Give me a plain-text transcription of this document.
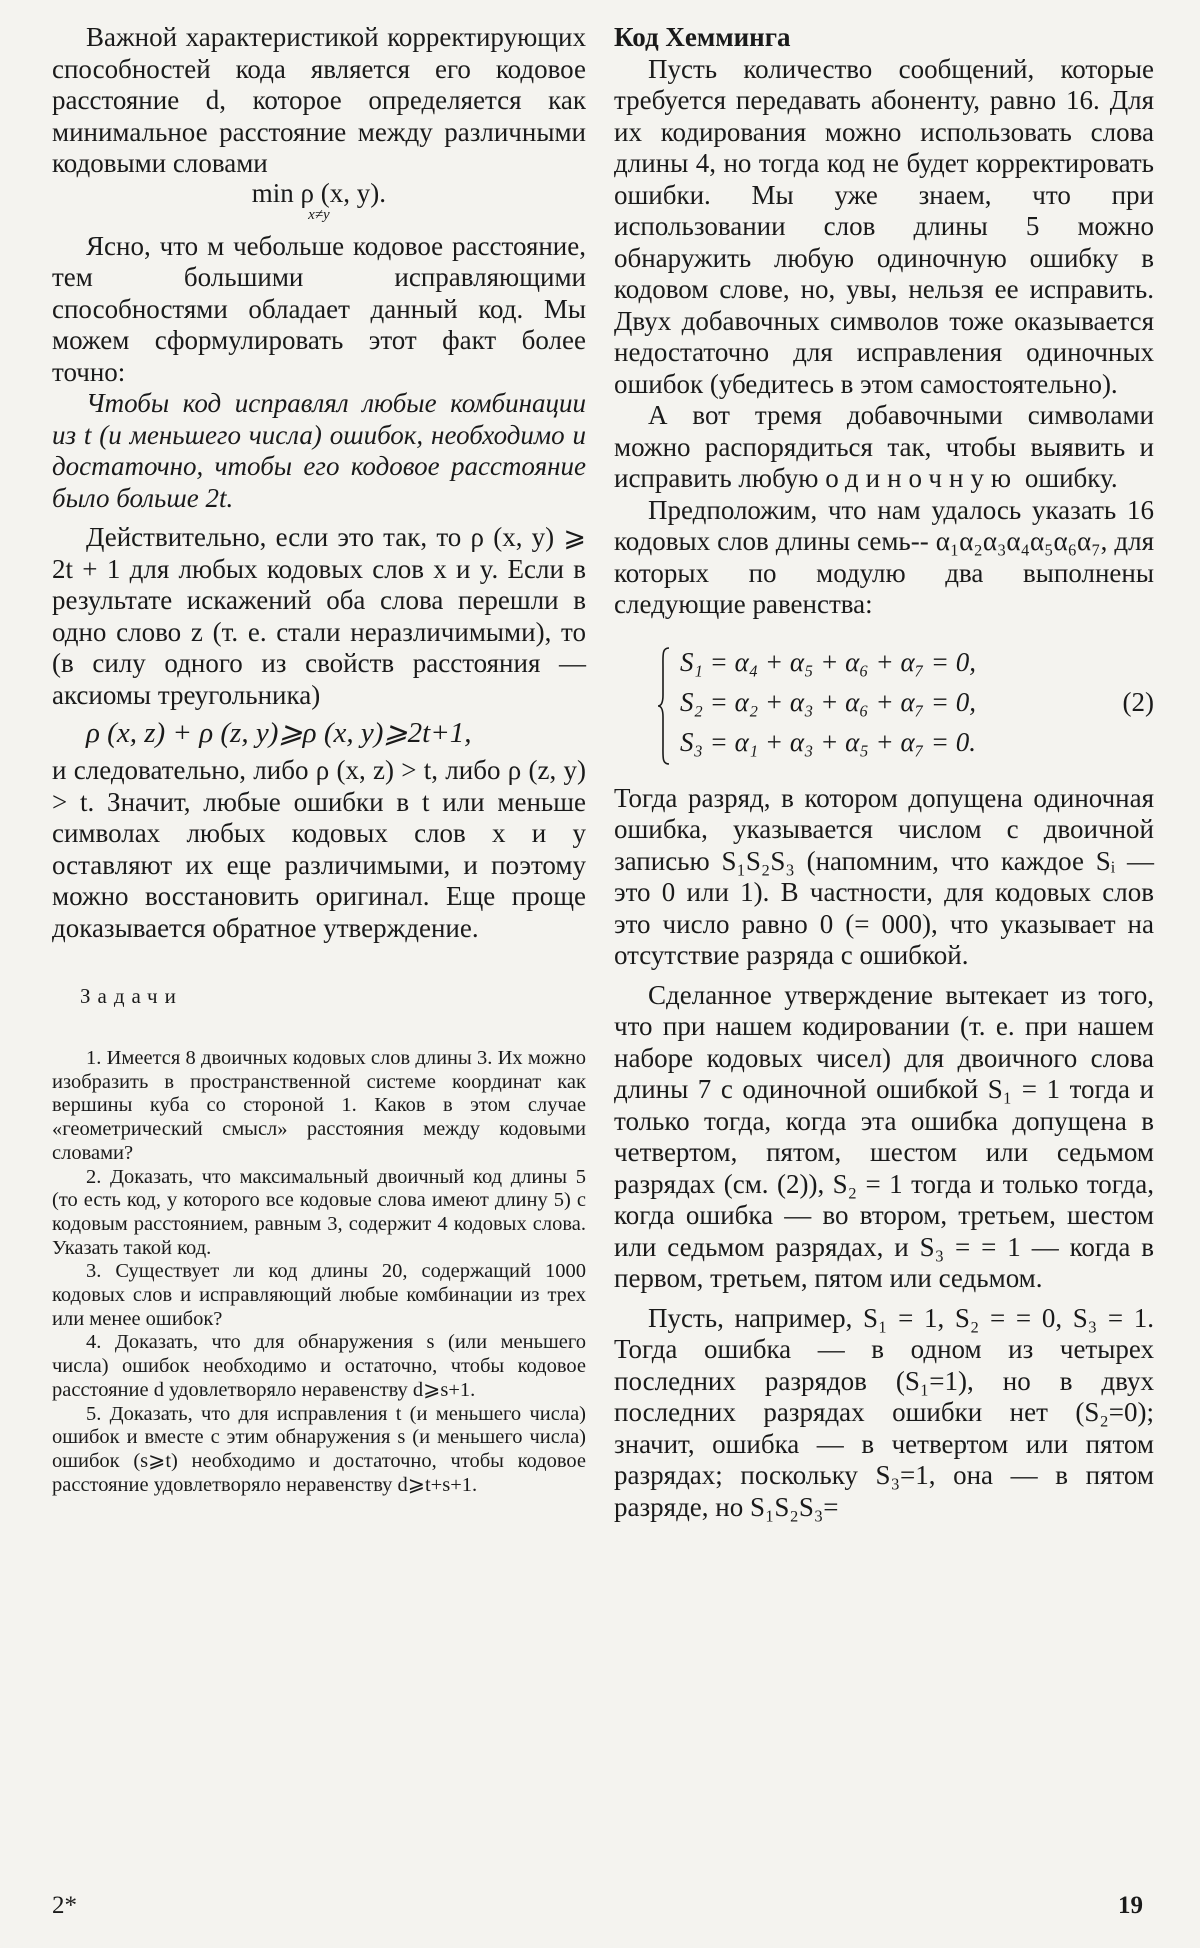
Важной характеристикой корректирующих способностей кода является его кодовое расстояние d, которое определяется как минимальное расстояние между различными кодовыми словами

min ρ (x, y).
x≠y

Ясно, что м чебольше кодовое расстояние, тем большими исправляющими способностями обладает данный код. Мы можем сформулировать этот факт более точно:

Чтобы код исправлял любые комбинации из t (и меньшего числа) ошибок, необходимо и достаточно, чтобы его кодовое расстояние было больше 2t.

Действительно, если это так, то ρ (x, y) ⩾ 2t + 1 для любых кодовых слов x и y. Если в результате искажений оба слова перешли в одно слово z (т. е. стали неразличимыми), то (в силу одного из свойств расстояния — аксиомы треугольника)

ρ (x, z) + ρ (z, y)⩾ρ (x, y)⩾2t+1,

и следовательно, либо ρ (x, z) > t, либо ρ (z, y) > t. Значит, любые ошибки в t или меньше символах любых кодовых слов x и y оставляют их еще различимыми, и поэтому можно восстановить оригинал. Еще проще доказывается обратное утверждение.

Задачи

1. Имеется 8 двоичных кодовых слов длины 3. Их можно изобразить в пространственной системе координат как вершины куба со стороной 1. Каков в этом случае «геометрический смысл» расстояния между кодовыми словами?

2. Доказать, что максимальный двоичный код длины 5 (то есть код, у которого все кодовые слова имеют длину 5) с кодовым расстоянием, равным 3, содержит 4 кодовых слова. Указать такой код.

3. Существует ли код длины 20, содержащий 1000 кодовых слов и исправляющий любые комбинации из трех или менее ошибок?

4. Доказать, что для обнаружения s (или меньшего числа) ошибок необходимо и остаточно, чтобы кодовое расстояние d удовлетворяло неравенству d⩾s+1.

5. Доказать, что для исправления t (и меньшего числа) ошибок и вместе с этим обнаружения s (и меньшего числа) ошибок (s⩾t) необходимо и достаточно, чтобы кодовое расстояние удовлетворяло неравенству d⩾t+s+1.

Код Хемминга

Пусть количество сообщений, которые требуется передавать абоненту, равно 16. Для их кодирования можно использовать слова длины 4, но тогда код не будет корректировать ошибки. Мы уже знаем, что при использовании слов длины 5 можно обнаружить любую одиночную ошибку в кодовом слове, но, увы, нельзя ее исправить. Двух добавочных символов тоже оказывается недостаточно для исправления одиночных ошибок (убедитесь в этом самостоятельно).

А вот тремя добавочными символами можно распорядиться так, чтобы выявить и исправить любую одиночную ошибку.

Предположим, что нам удалось указать 16 кодовых слов длины семь-- α₁α₂α₃α₄α₅α₆α₇, для которых по модулю два выполнены следующие равенства:

S₁ = α₄ + α₅ + α₆ + α₇ = 0,
S₂ = α₂ + α₃ + α₆ + α₇ = 0,
S₃ = α₁ + α₃ + α₅ + α₇ = 0.
(2)

Тогда разряд, в котором допущена одиночная ошибка, указывается числом с двоичной записью S₁S₂S₃ (напомним, что каждое Sᵢ — это 0 или 1). В частности, для кодовых слов это число равно 0 (= 000), что указывает на отсутствие разряда с ошибкой.

Сделанное утверждение вытекает из того, что при нашем кодировании (т. е. при нашем наборе кодовых чисел) для двоичного слова длины 7 с одиночной ошибкой S₁ = 1 тогда и только тогда, когда эта ошибка допущена в четвертом, пятом, шестом или седьмом разрядах (см. (2)), S₂ = 1 тогда и только тогда, когда ошибка — во втором, третьем, шестом или седьмом разрядах, и S₃ = = 1 — когда в первом, третьем, пятом или седьмом.

Пусть, например, S₁ = 1, S₂ = = 0, S₃ = 1. Тогда ошибка — в одном из четырех последних разрядов (S₁=1), но в двух последних разрядах ошибки нет (S₂=0); значит, ошибка — в четвертом или пятом разрядах; поскольку S₃=1, она — в пятом разряде, но S₁S₂S₃=

2*	19
